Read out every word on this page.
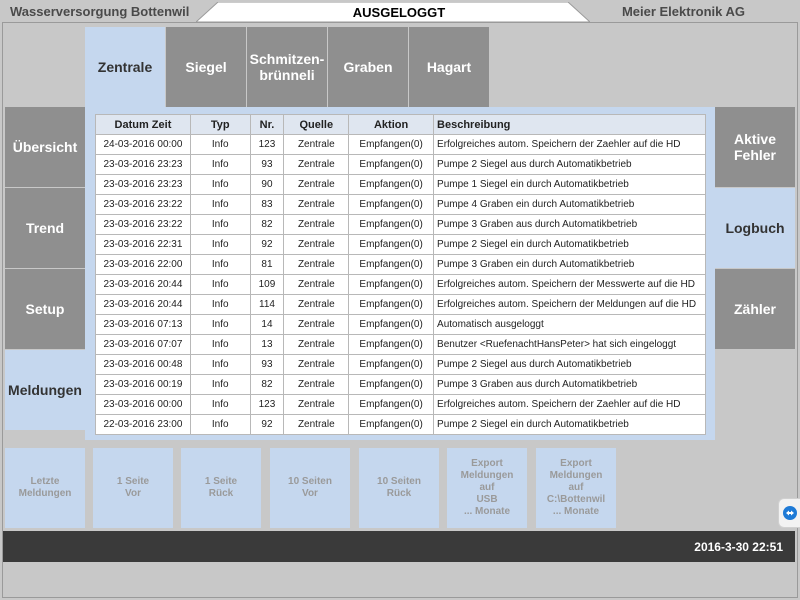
Wasserversorgung Bottenwil	AUSGELOGGT	Meier Elektronik AG
Zentrale	Siegel	Schmitzen-
brünneli	Graben	Hagart
Übersicht
Trend
Setup
Meldungen
Aktive
Fehler
Logbuch
Zähler
Datum Zeit	Typ	Nr.	Quelle	Aktion	Beschreibung
24-03-2016 00:00	Info	123	Zentrale	Empfangen(0)	Erfolgreiches autom. Speichern der Zaehler auf die HD
23-03-2016 23:23	Info	93	Zentrale	Empfangen(0)	Pumpe 2 Siegel aus durch Automatikbetrieb
23-03-2016 23:23	Info	90	Zentrale	Empfangen(0)	Pumpe 1 Siegel ein durch Automatikbetrieb
23-03-2016 23:22	Info	83	Zentrale	Empfangen(0)	Pumpe 4 Graben ein durch Automatikbetrieb
23-03-2016 23:22	Info	82	Zentrale	Empfangen(0)	Pumpe 3 Graben aus durch Automatikbetrieb
23-03-2016 22:31	Info	92	Zentrale	Empfangen(0)	Pumpe 2 Siegel ein durch Automatikbetrieb
23-03-2016 22:00	Info	81	Zentrale	Empfangen(0)	Pumpe 3 Graben ein durch Automatikbetrieb
23-03-2016 20:44	Info	109	Zentrale	Empfangen(0)	Erfolgreiches autom. Speichern der Messwerte auf die HD
23-03-2016 20:44	Info	114	Zentrale	Empfangen(0)	Erfolgreiches autom. Speichern der Meldungen auf die HD
23-03-2016 07:13	Info	14	Zentrale	Empfangen(0)	Automatisch ausgeloggt
23-03-2016 07:07	Info	13	Zentrale	Empfangen(0)	Benutzer <RuefenachtHansPeter> hat sich eingeloggt
23-03-2016 00:48	Info	93	Zentrale	Empfangen(0)	Pumpe 2 Siegel aus durch Automatikbetrieb
23-03-2016 00:19	Info	82	Zentrale	Empfangen(0)	Pumpe 3 Graben aus durch Automatikbetrieb
23-03-2016 00:00	Info	123	Zentrale	Empfangen(0)	Erfolgreiches autom. Speichern der Zaehler auf die HD
22-03-2016 23:00	Info	92	Zentrale	Empfangen(0)	Pumpe 2 Siegel ein durch Automatikbetrieb
Letzte
Meldungen
1 Seite
Vor
1 Seite
Rück
10 Seiten
Vor
10 Seiten
Rück
Export
Meldungen
auf
USB
... Monate
Export
Meldungen
auf
C:\Bottenwil
... Monate
2016-3-30 22:51
